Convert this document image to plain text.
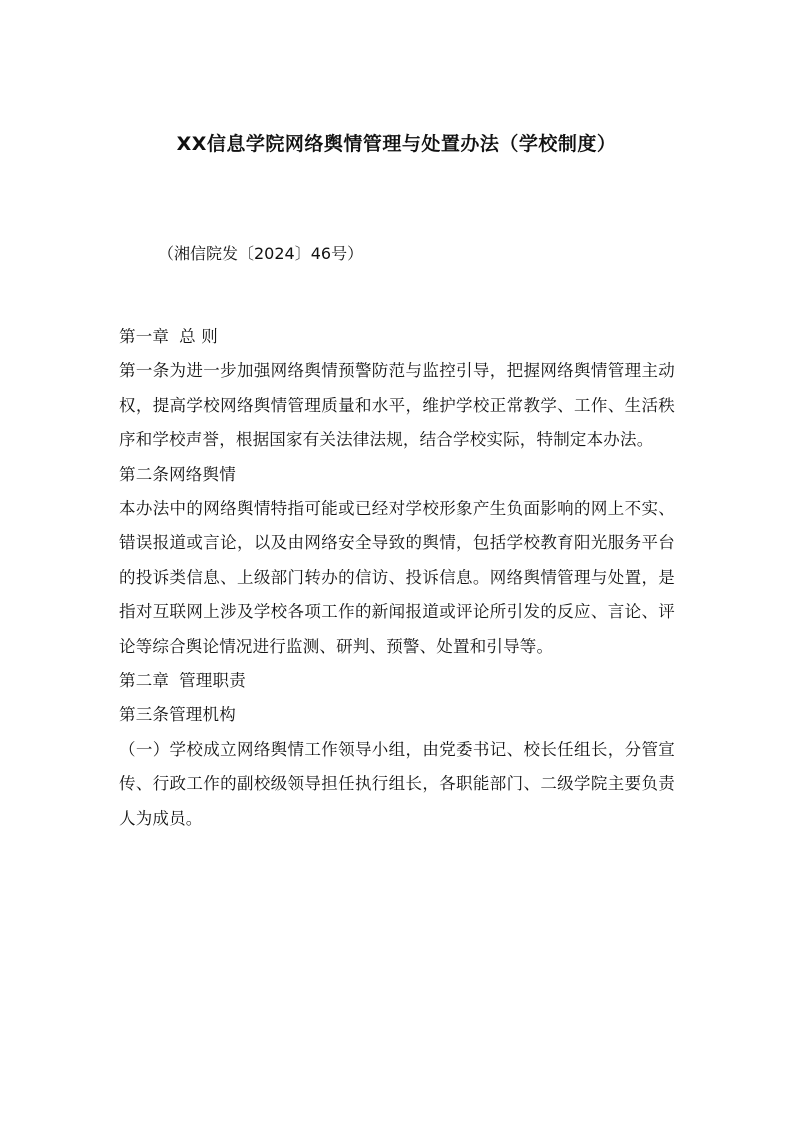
XX信息学院网络舆情管理与处置办法（学校制度）
（湘信院发〔2024〕46号）

第一章 总 则

第一条为进一步加强网络舆情预警防范与监控引导，把握网络舆情管理主动权，提高学校网络舆情管理质量和水平，维护学校正常教学、工作、生活秩序和学校声誉，根据国家有关法律法规，结合学校实际，特制定本办法。

第二条网络舆情

本办法中的网络舆情特指可能或已经对学校形象产生负面影响的网上不实、错误报道或言论，以及由网络安全导致的舆情，包括学校教育阳光服务平台的投诉类信息、上级部门转办的信访、投诉信息。网络舆情管理与处置，是指对互联网上涉及学校各项工作的新闻报道或评论所引发的反应、言论、评论等综合舆论情况进行监测、研判、预警、处置和引导等。

第二章 管理职责

第三条管理机构

（一）学校成立网络舆情工作领导小组，由党委书记、校长任组长，分管宣传、行政工作的副校级领导担任执行组长，各职能部门、二级学院主要负责人为成员。
